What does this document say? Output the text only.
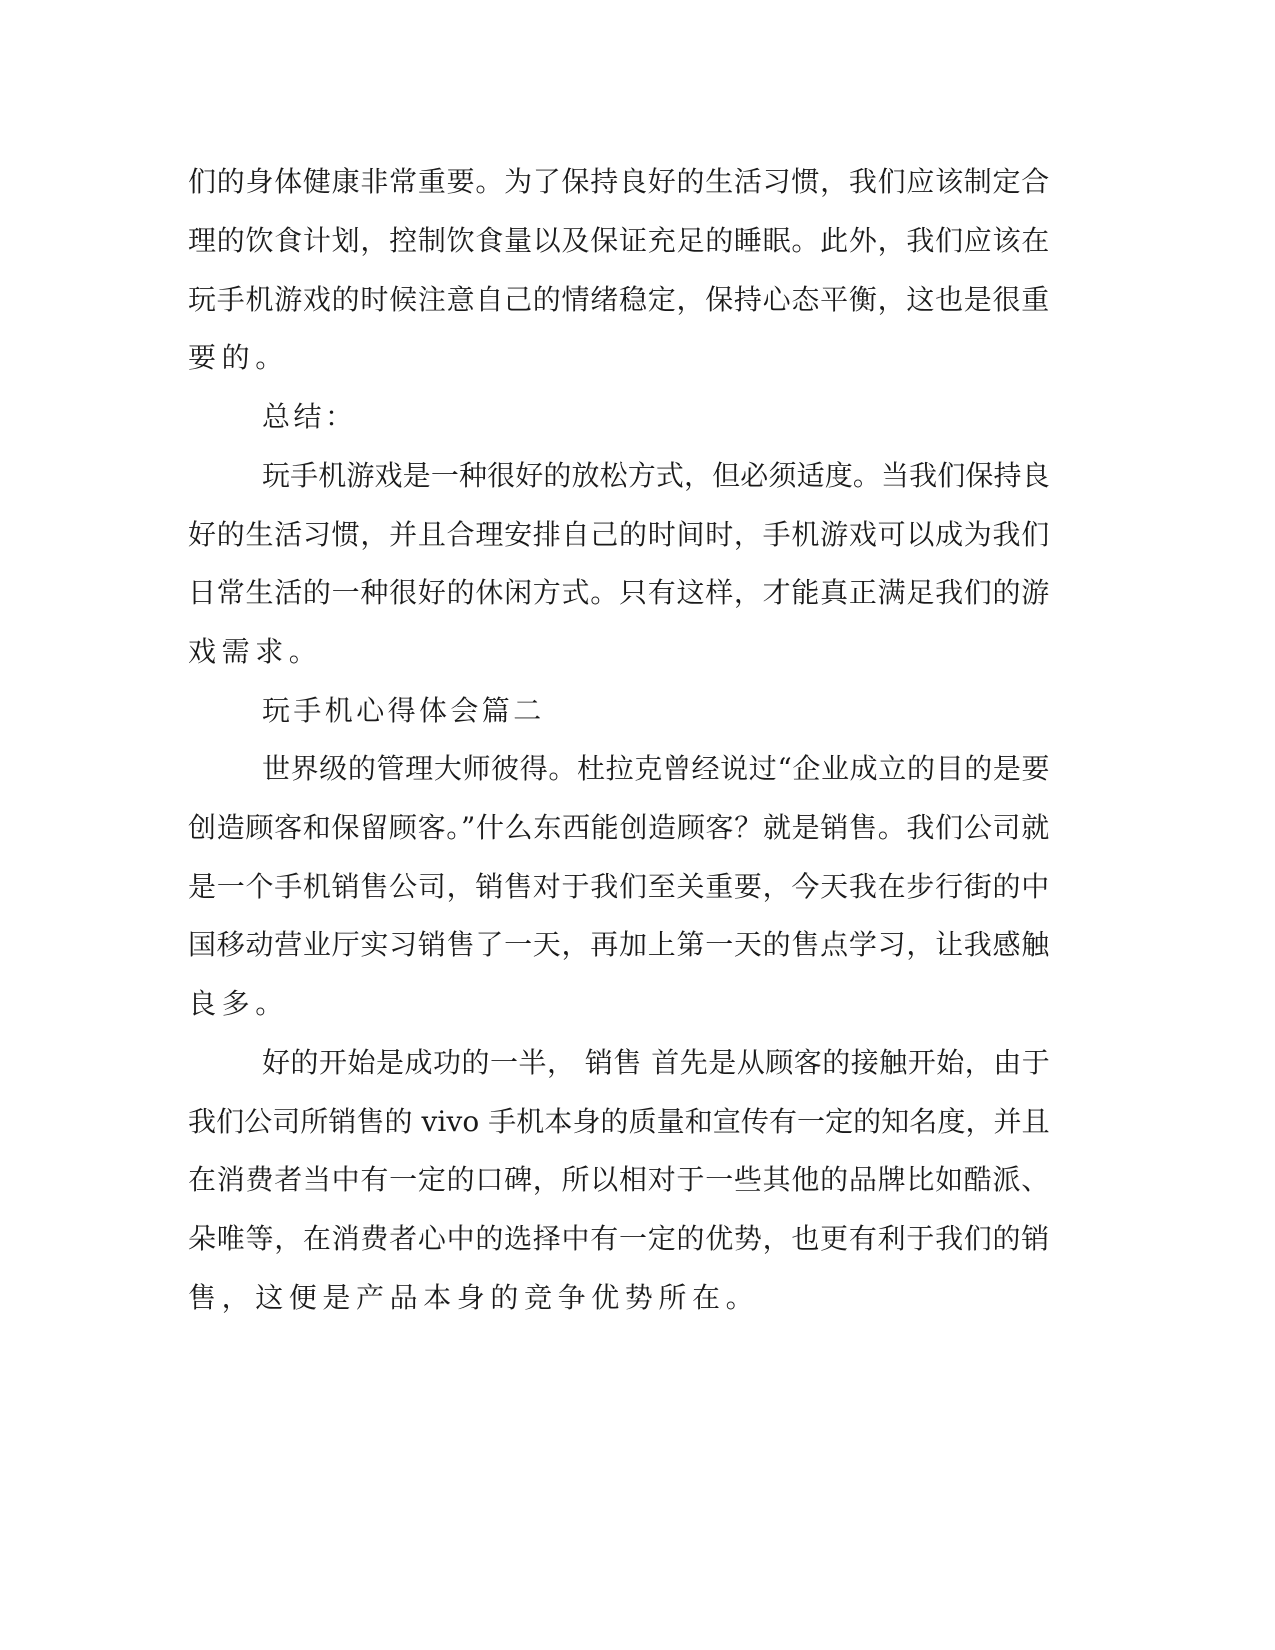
们的身体健康非常重要。为了保持良好的生活习惯，我们应该制定合
理的饮食计划，控制饮食量以及保证充足的睡眠。此外，我们应该在
玩手机游戏的时候注意自己的情绪稳定，保持心态平衡，这也是很重
要的。
总结：
玩手机游戏是一种很好的放松方式，但必须适度。当我们保持良
好的生活习惯，并且合理安排自己的时间时，手机游戏可以成为我们
日常生活的一种很好的休闲方式。只有这样，才能真正满足我们的游
戏需求。
玩手机心得体会篇二
世界级的管理大师彼得。杜拉克曾经说过“企业成立的目的是要
创造顾客和保留顾客。”什么东西能创造顾客？就是销售。我们公司就
是一个手机销售公司，销售对于我们至关重要，今天我在步行街的中
国移动营业厅实习销售了一天，再加上第一天的售点学习，让我感触
良多。
好的开始是成功的一半， 销售 首先是从顾客的接触开始，由于
我们公司所销售的 vivo 手机本身的质量和宣传有一定的知名度，并且
在消费者当中有一定的口碑，所以相对于一些其他的品牌比如酷派、
朵唯等，在消费者心中的选择中有一定的优势，也更有利于我们的销
售，这便是产品本身的竞争优势所在。
